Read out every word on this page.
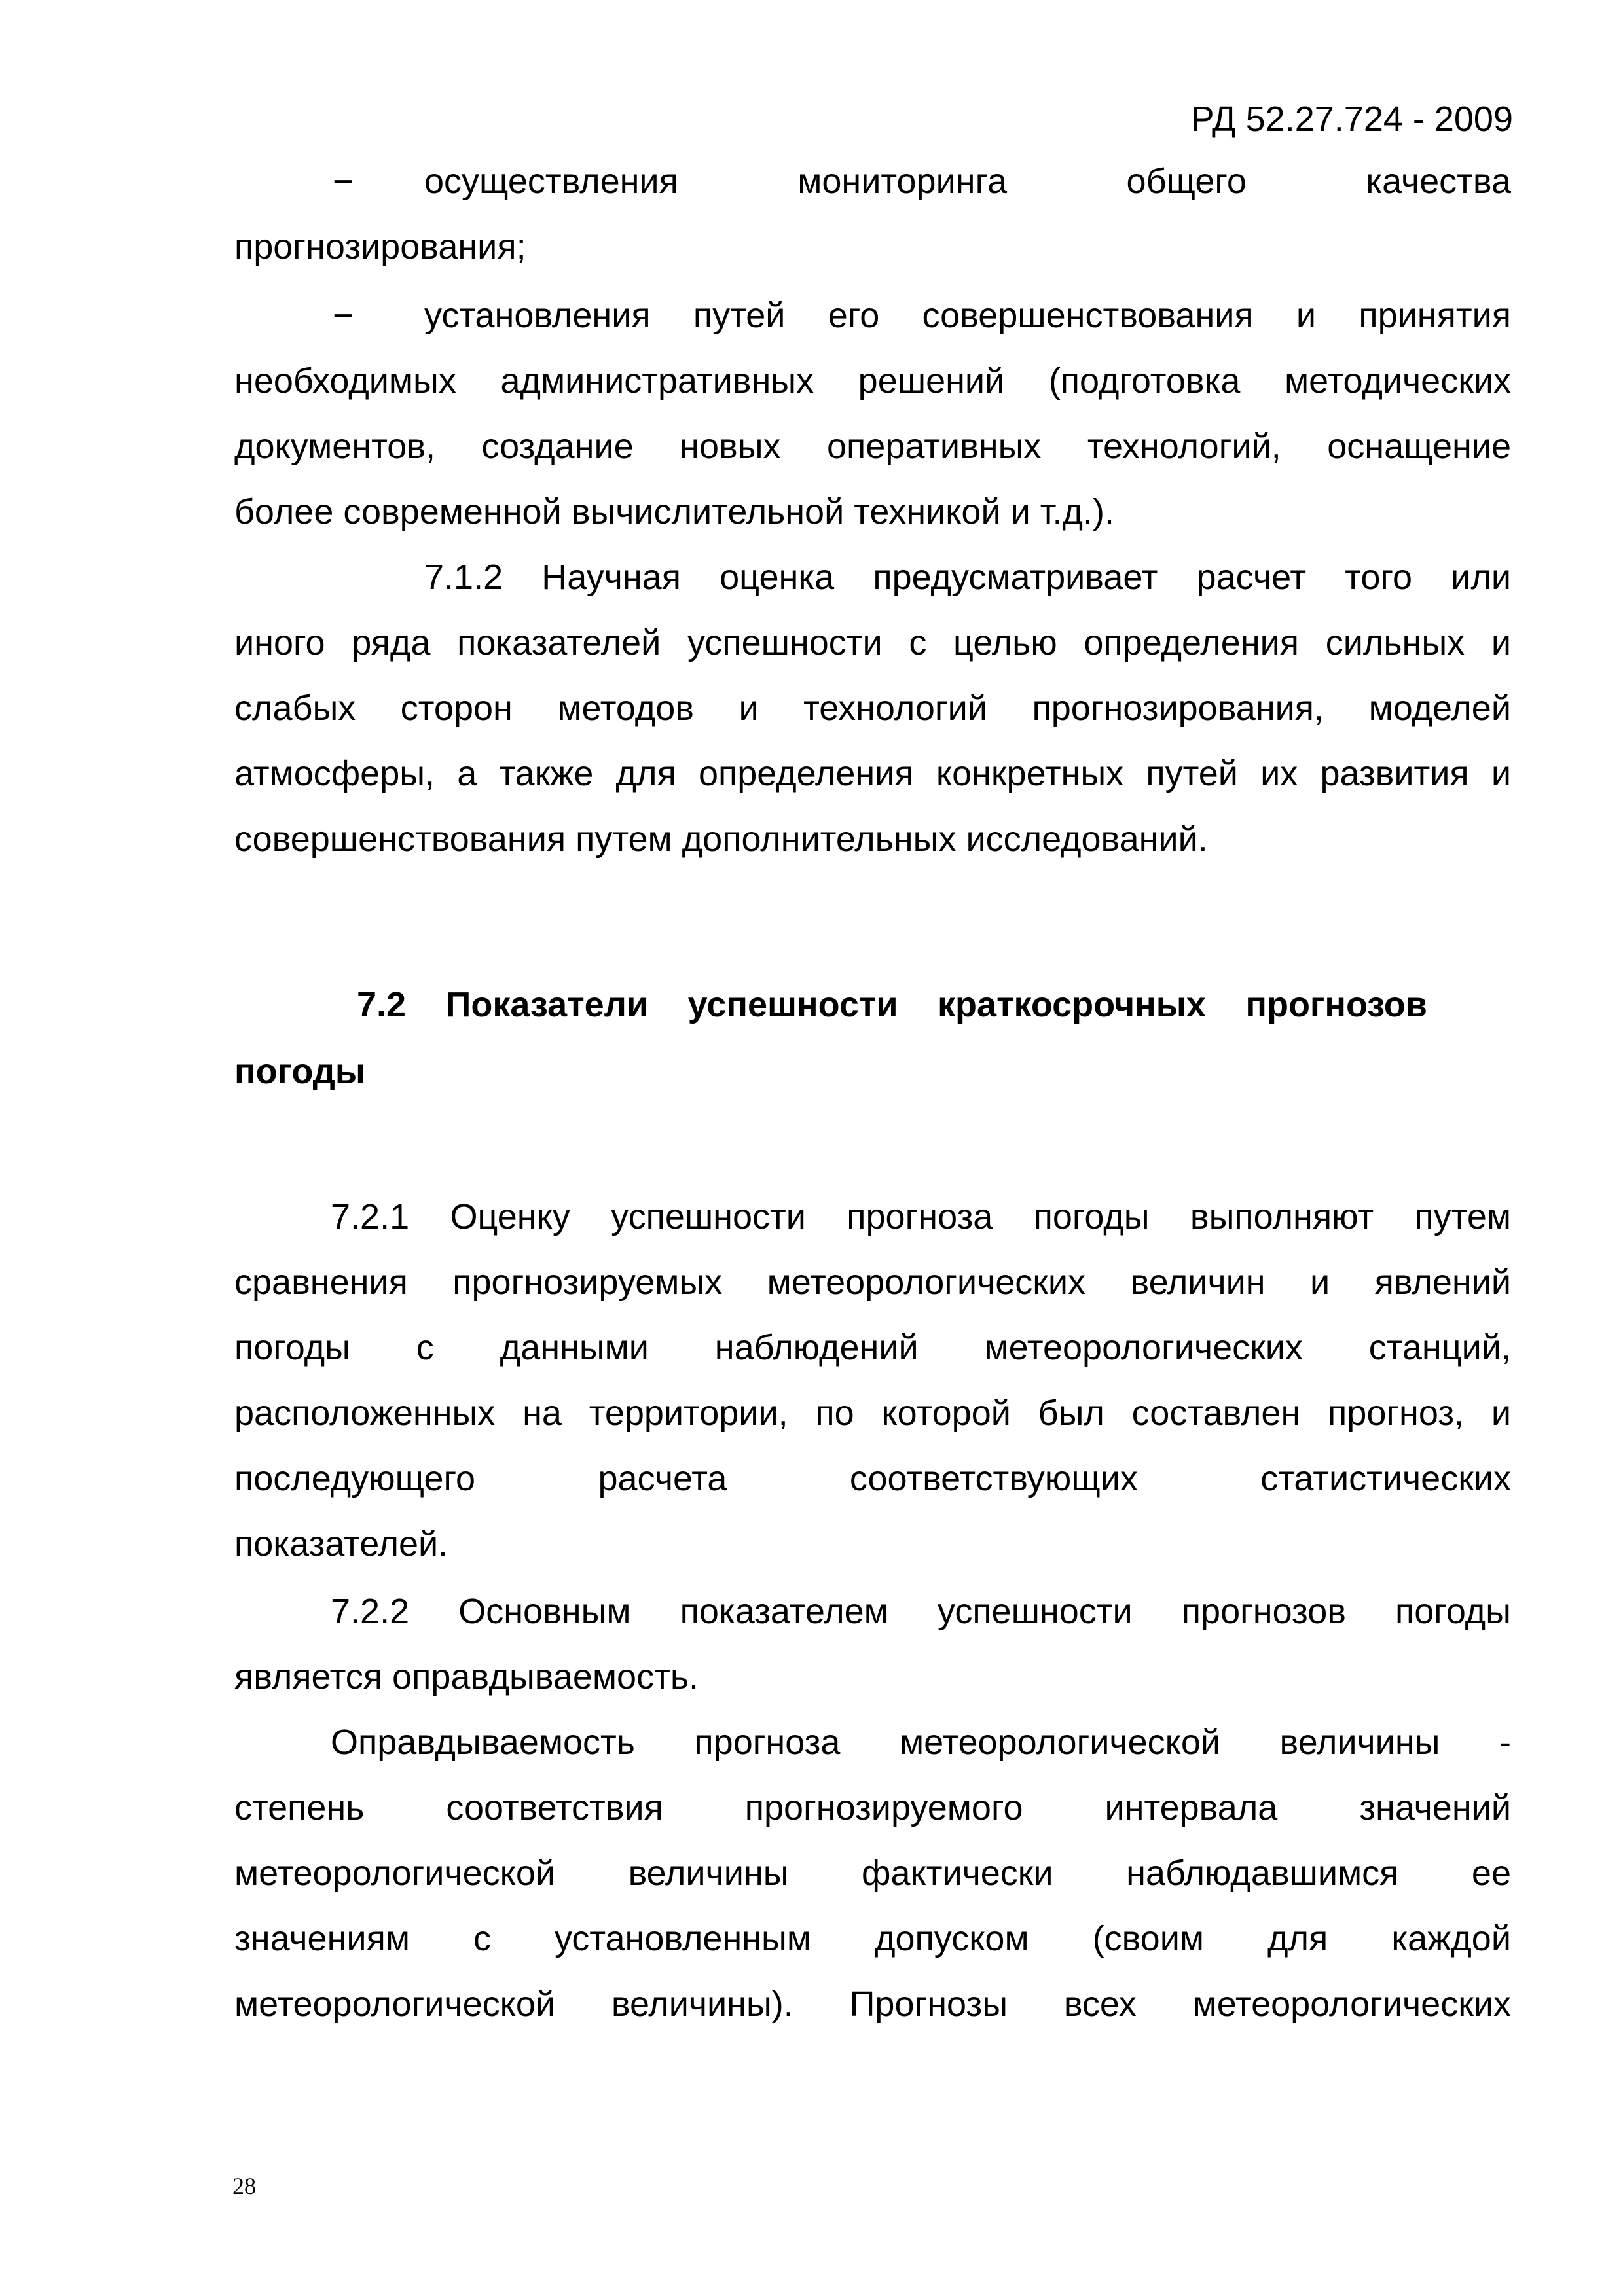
РД 52.27.724 - 2009
− осуществления мониторинга общего качества
прогнозирования;
− установления путей его совершенствования и принятия
необходимых административных решений (подготовка методических
документов, создание новых оперативных технологий, оснащение
более современной вычислительной техникой и т.д.).
7.1.2 Научная оценка предусматривает расчет того или
иного ряда показателей успешности с целью определения сильных и
слабых сторон методов и технологий прогнозирования, моделей
атмосферы, а также для определения конкретных путей их развития и
совершенствования путем дополнительных исследований.
7.2 Показатели успешности краткосрочных прогнозов
погоды
7.2.1 Оценку успешности прогноза погоды выполняют путем
сравнения прогнозируемых метеорологических величин и явлений
погоды с данными наблюдений метеорологических станций,
расположенных на территории, по которой был составлен прогноз, и
последующего расчета соответствующих статистических
показателей.
7.2.2 Основным показателем успешности прогнозов погоды
является оправдываемость.
Оправдываемость прогноза метеорологической величины -
степень соответствия прогнозируемого интервала значений
метеорологической величины фактически наблюдавшимся ее
значениям с установленным допуском (своим для каждой
метеорологической величины). Прогнозы всех метеорологических
28
